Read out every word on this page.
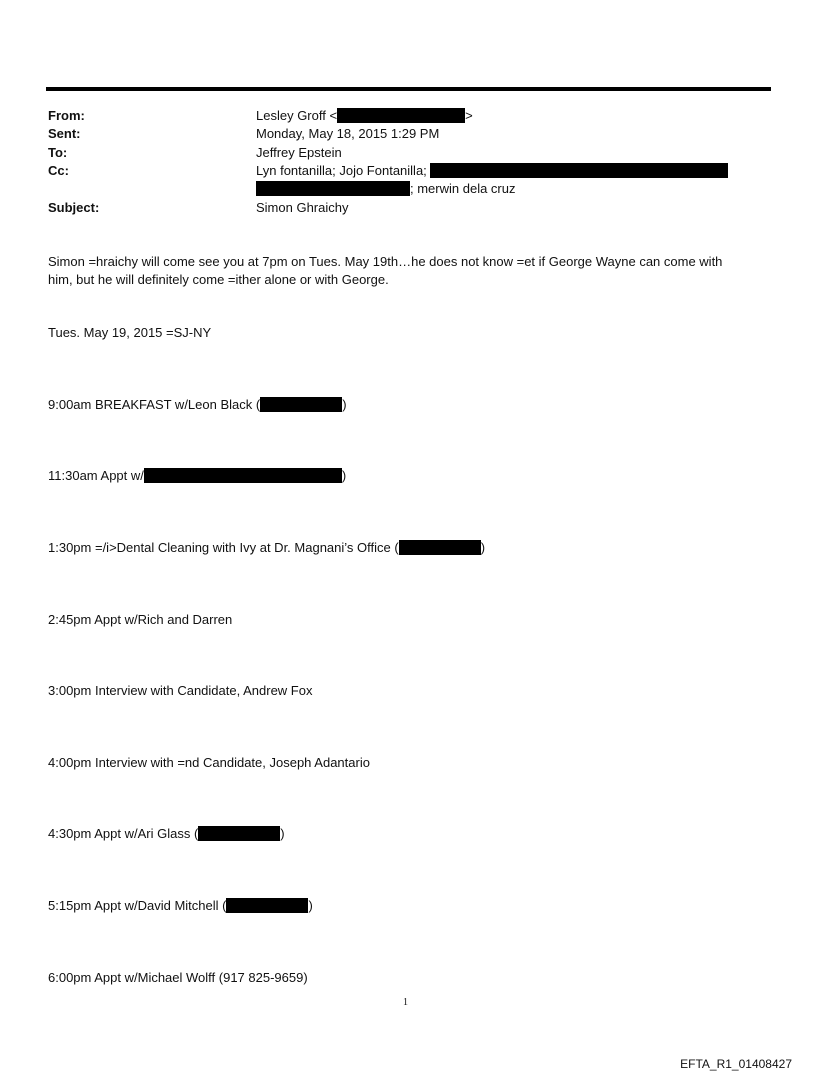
From:	Lesley Groff <	>
Sent:	Monday, May 18, 2015 1:29 PM
To:	Jeffrey Epstein
Cc:	Lyn fontanilla; Jojo Fontanilla;
; merwin dela cruz
Subject:	Simon Ghraichy
Simon =hraichy will come see you at 7pm on Tues. May 19th…he does not know =et if George Wayne can come with
him, but he will definitely come =ither alone or with George.
Tues. May 19, 2015 =SJ-NY
9:00am BREAKFAST w/Leon Black (	)
11:30am Appt w/	)
1:30pm =/i>Dental Cleaning with Ivy at Dr. Magnani’s Office (	)
2:45pm Appt w/Rich and Darren
3:00pm Interview with Candidate, Andrew Fox
4:00pm Interview with =nd Candidate, Joseph Adantario
4:30pm Appt w/Ari Glass (	)
5:15pm Appt w/David Mitchell (	)
6:00pm Appt w/Michael Wolff (917 825-9659)
1
EFTA_R1_01408427
